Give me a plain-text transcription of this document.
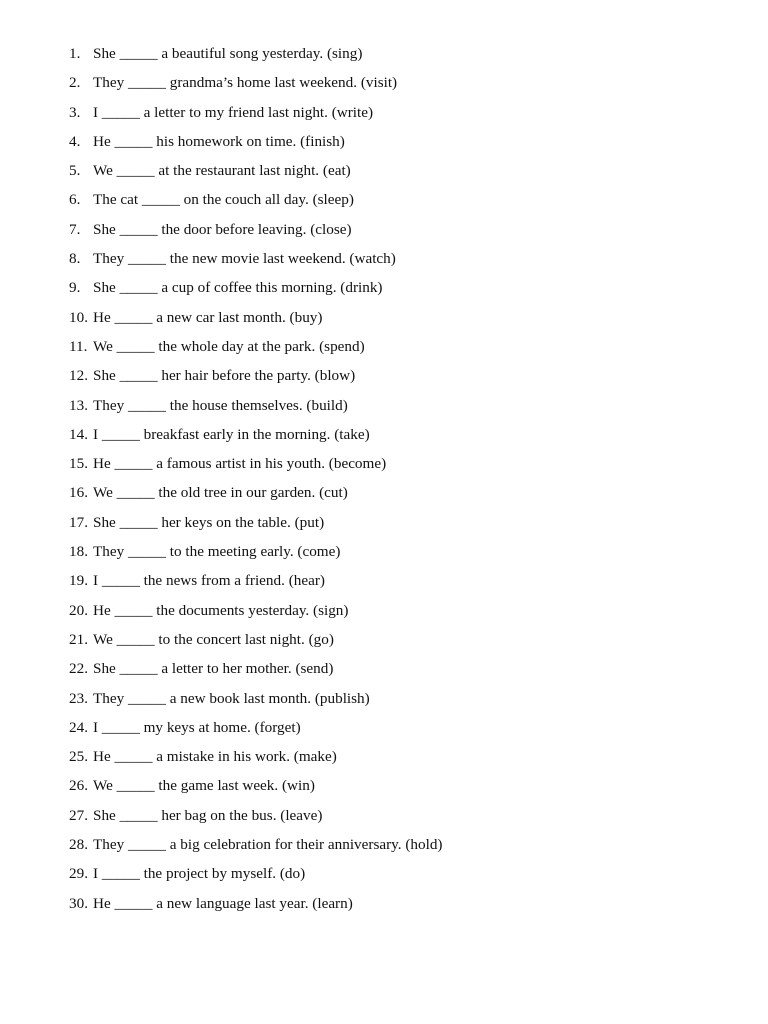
1. She _____ a beautiful song yesterday. (sing)
2. They _____ grandma’s home last weekend. (visit)
3. I _____ a letter to my friend last night. (write)
4. He _____ his homework on time. (finish)
5. We _____ at the restaurant last night. (eat)
6. The cat _____ on the couch all day. (sleep)
7. She _____ the door before leaving. (close)
8. They _____ the new movie last weekend. (watch)
9. She _____ a cup of coffee this morning. (drink)
10. He _____ a new car last month. (buy)
11. We _____ the whole day at the park. (spend)
12. She _____ her hair before the party. (blow)
13. They _____ the house themselves. (build)
14. I _____ breakfast early in the morning. (take)
15. He _____ a famous artist in his youth. (become)
16. We _____ the old tree in our garden. (cut)
17. She _____ her keys on the table. (put)
18. They _____ to the meeting early. (come)
19. I _____ the news from a friend. (hear)
20. He _____ the documents yesterday. (sign)
21. We _____ to the concert last night. (go)
22. She _____ a letter to her mother. (send)
23. They _____ a new book last month. (publish)
24. I _____ my keys at home. (forget)
25. He _____ a mistake in his work. (make)
26. We _____ the game last week. (win)
27. She _____ her bag on the bus. (leave)
28. They _____ a big celebration for their anniversary. (hold)
29. I _____ the project by myself. (do)
30. He _____ a new language last year. (learn)
